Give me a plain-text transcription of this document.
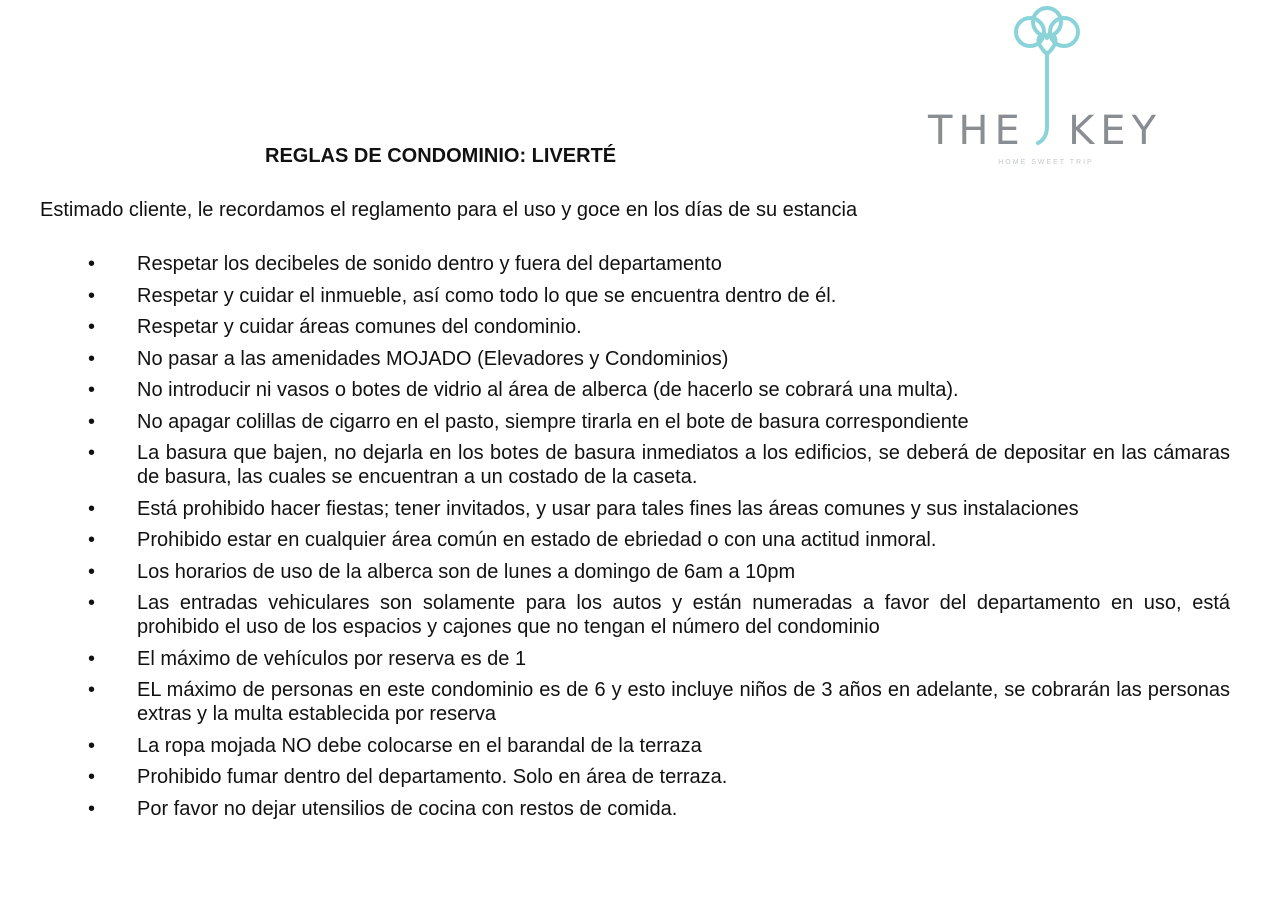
THE KEY
HOME SWEET TRIP
REGLAS DE CONDOMINIO: LIVERTÉ

Estimado cliente, le recordamos el reglamento para el uso y goce en los días de su estancia

• Respetar los decibeles de sonido dentro y fuera del departamento
• Respetar y cuidar el inmueble, así como todo lo que se encuentra dentro de él.
• Respetar y cuidar áreas comunes del condominio.
• No pasar a las amenidades MOJADO (Elevadores y Condominios)
• No introducir ni vasos o botes de vidrio al área de alberca (de hacerlo se cobrará una multa).
• No apagar colillas de cigarro en el pasto, siempre tirarla en el bote de basura correspondiente
• La basura que bajen, no dejarla en los botes de basura inmediatos a los edificios, se deberá de depositar en las cámaras de basura, las cuales se encuentran a un costado de la caseta.
• Está prohibido hacer fiestas; tener invitados, y usar para tales fines las áreas comunes y sus instalaciones
• Prohibido estar en cualquier área común en estado de ebriedad o con una actitud inmoral.
• Los horarios de uso de la alberca son de lunes a domingo de 6am a 10pm
• Las entradas vehiculares son solamente para los autos y están numeradas a favor del departamento en uso, está prohibido el uso de los espacios y cajones que no tengan el número del condominio
• El máximo de vehículos por reserva es de 1
• EL máximo de personas en este condominio es de 6 y esto incluye niños de 3 años en adelante, se cobrarán las personas extras y la multa establecida por reserva
• La ropa mojada NO debe colocarse en el barandal de la terraza
• Prohibido fumar dentro del departamento. Solo en área de terraza.
• Por favor no dejar utensilios de cocina con restos de comida.
